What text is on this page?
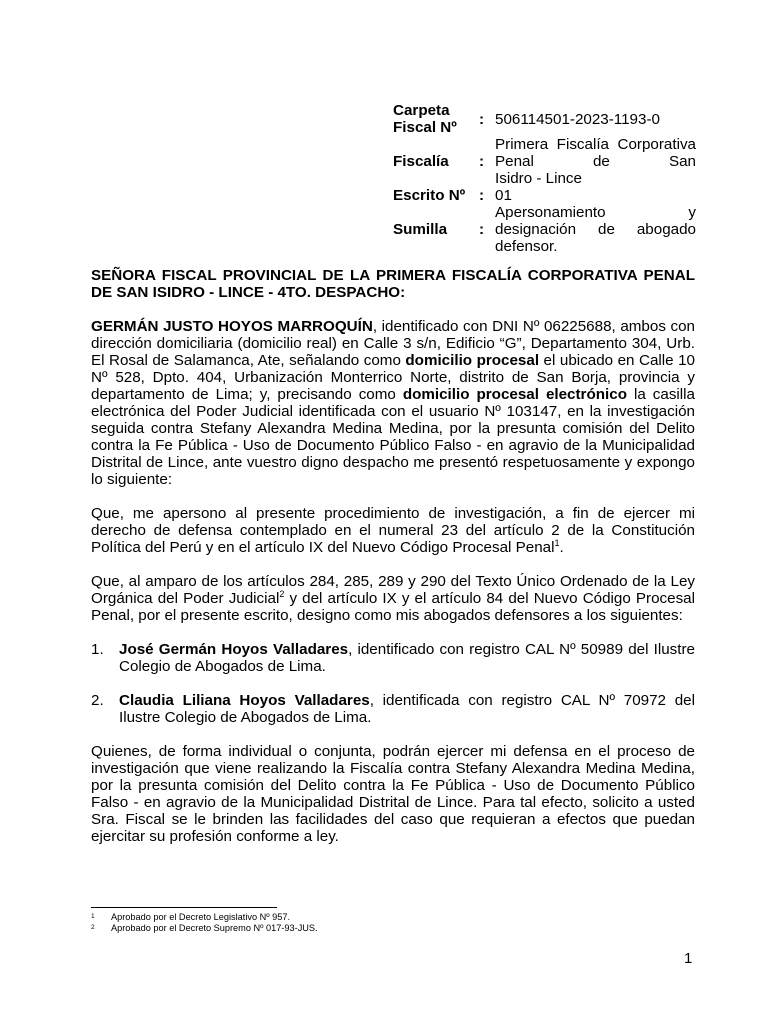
Carpeta Fiscal Nº	:	506114501-2023-1193-0
Fiscalía	:	Primera Fiscalía Corporativa Penal de San
Isidro - Lince

Escrito Nº	:	01
Sumilla	:	Apersonamiento y designación de abogado
defensor.

SEÑORA FISCAL PROVINCIAL DE LA PRIMERA FISCALÍA CORPORATIVA PENAL DE SAN ISIDRO - LINCE - 4TO. DESPACHO:

GERMÁN JUSTO HOYOS MARROQUÍN, identificado con DNI Nº 06225688, ambos con dirección domiciliaria (domicilio real) en Calle 3 s/n, Edificio “G”, Departamento 304, Urb. El Rosal de Salamanca, Ate, señalando como domicilio procesal el ubicado en Calle 10 Nº 528, Dpto. 404, Urbanización Monterrico Norte, distrito de San Borja, provincia y departamento de Lima; y, precisando como domicilio procesal electrónico la casilla electrónica del Poder Judicial identificada con el usuario Nº 103147, en la investigación seguida contra Stefany Alexandra Medina Medina, por la presunta comisión del Delito contra la Fe Pública - Uso de Documento Público Falso - en agravio de la Municipalidad Distrital de Lince, ante vuestro digno despacho me presentó respetuosamente y expongo lo siguiente:

Que, me apersono al presente procedimiento de investigación, a fin de ejercer mi derecho de defensa contemplado en el numeral 23 del artículo 2 de la Constitución Política del Perú y en el artículo IX del Nuevo Código Procesal Penal$^1$.

Que, al amparo de los artículos 284, 285, 289 y 290 del Texto Único Ordenado de la Ley Orgánica del Poder Judicial$^2$ y del artículo IX y el artículo 84 del Nuevo Código Procesal Penal, por el presente escrito, designo como mis abogados defensores a los siguientes:

1. José Germán Hoyos Valladares, identificado con registro CAL Nº 50989 del Ilustre Colegio de Abogados de Lima.
2. Claudia Liliana Hoyos Valladares, identificada con registro CAL Nº 70972 del Ilustre Colegio de Abogados de Lima.

Quienes, de forma individual o conjunta, podrán ejercer mi defensa en el proceso de investigación que viene realizando la Fiscalía contra Stefany Alexandra Medina Medina, por la presunta comisión del Delito contra la Fe Pública - Uso de Documento Público Falso - en agravio de la Municipalidad Distrital de Lince. Para tal efecto, solicito a usted Sra. Fiscal se le brinden las facilidades del caso que requieran a efectos que puedan ejercitar su profesión conforme a ley.

1 Aprobado por el Decreto Legislativo Nº 957.
2 Aprobado por el Decreto Supremo Nº 017-93-JUS.
1
